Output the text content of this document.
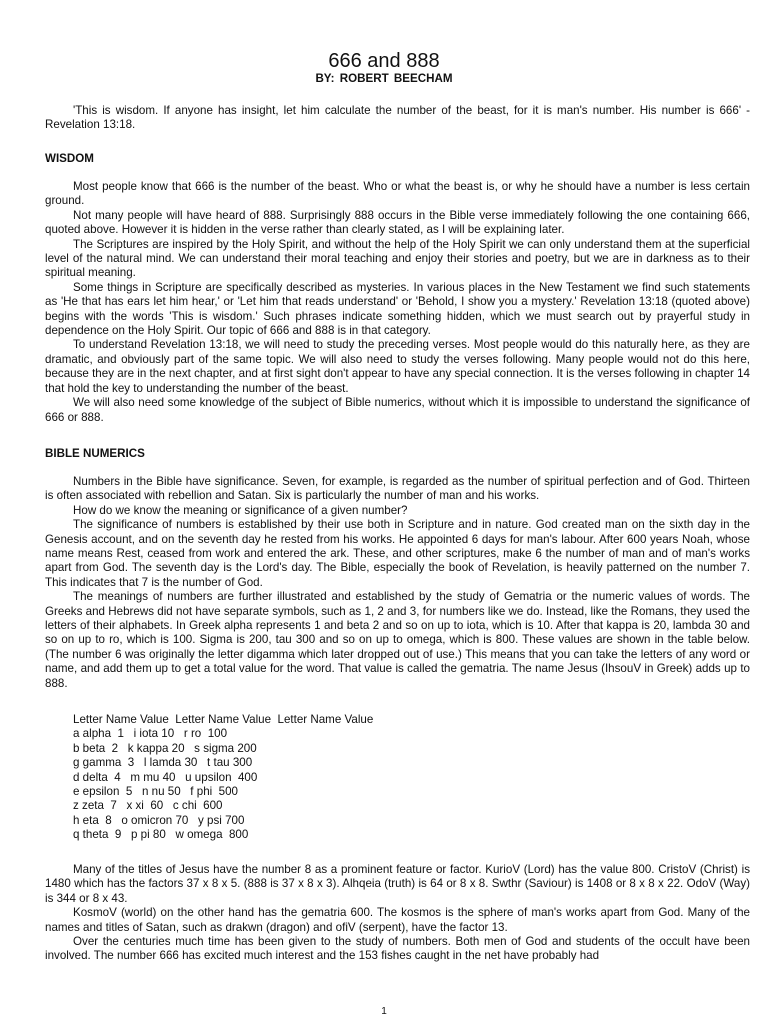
666 and 888
BY: ROBERT BEECHAM

'This is wisdom. If anyone has insight, let him calculate the number of the beast, for it is man's number. His number is 666' - Revelation 13:18.

WISDOM

Most people know that 666 is the number of the beast. Who or what the beast is, or why he should have a number is less certain ground.

Not many people will have heard of 888. Surprisingly 888 occurs in the Bible verse immediately following the one containing 666, quoted above. However it is hidden in the verse rather than clearly stated, as I will be explaining later.

The Scriptures are inspired by the Holy Spirit, and without the help of the Holy Spirit we can only understand them at the superficial level of the natural mind. We can understand their moral teaching and enjoy their stories and poetry, but we are in darkness as to their spiritual meaning.

Some things in Scripture are specifically described as mysteries. In various places in the New Testament we find such statements as 'He that has ears let him hear,' or 'Let him that reads understand' or 'Behold, I show you a mystery.' Revelation 13:18 (quoted above) begins with the words 'This is wisdom.' Such phrases indicate something hidden, which we must search out by prayerful study in dependence on the Holy Spirit. Our topic of 666 and 888 is in that category.

To understand Revelation 13:18, we will need to study the preceding verses. Most people would do this naturally here, as they are dramatic, and obviously part of the same topic. We will also need to study the verses following. Many people would not do this here, because they are in the next chapter, and at first sight don't appear to have any special connection. It is the verses following in chapter 14 that hold the key to understanding the number of the beast.

We will also need some knowledge of the subject of Bible numerics, without which it is impossible to understand the significance of 666 or 888.

BIBLE NUMERICS

Numbers in the Bible have significance. Seven, for example, is regarded as the number of spiritual perfection and of God. Thirteen is often associated with rebellion and Satan. Six is particularly the number of man and his works.

How do we know the meaning or significance of a given number?

The significance of numbers is established by their use both in Scripture and in nature. God created man on the sixth day in the Genesis account, and on the seventh day he rested from his works. He appointed 6 days for man's labour. After 600 years Noah, whose name means Rest, ceased from work and entered the ark. These, and other scriptures, make 6 the number of man and of man's works apart from God. The seventh day is the Lord's day. The Bible, especially the book of Revelation, is heavily patterned on the number 7. This indicates that 7 is the number of God.

The meanings of numbers are further illustrated and established by the study of Gematria or the numeric values of words. The Greeks and Hebrews did not have separate symbols, such as 1, 2 and 3, for numbers like we do. Instead, like the Romans, they used the letters of their alphabets. In Greek alpha represents 1 and beta 2 and so on up to iota, which is 10. After that kappa is 20, lambda 30 and so on up to ro, which is 100. Sigma is 200, tau 300 and so on up to omega, which is 800. These values are shown in the table below. (The number 6 was originally the letter digamma which later dropped out of use.) This means that you can take the letters of any word or name, and add them up to get a total value for the word. That value is called the gematria. The name Jesus (IhsouV in Greek) adds up to 888.

Letter Name Value  Letter Name Value  Letter Name Value
a alpha  1   i iota 10   r ro  100
b beta  2   k kappa 20   s sigma 200
g gamma  3   l lamda 30   t tau 300
d delta  4   m mu 40   u upsilon  400
e epsilon  5   n nu 50   f phi  500
z zeta  7   x xi  60   c chi  600
h eta  8   o omicron 70   y psi 700
q theta  9   p pi 80   w omega  800

Many of the titles of Jesus have the number 8 as a prominent feature or factor. KurioV (Lord) has the value 800. CristoV (Christ) is 1480 which has the factors 37 x 8 x 5. (888 is 37 x 8 x 3). Alhqeia (truth) is 64 or 8 x 8. Swthr (Saviour) is 1408 or 8 x 8 x 22. OdoV (Way) is 344 or 8 x 43.

KosmoV (world) on the other hand has the gematria 600. The kosmos is the sphere of man's works apart from God. Many of the names and titles of Satan, such as drakwn (dragon) and ofiV (serpent), have the factor 13.

Over the centuries much time has been given to the study of numbers. Both men of God and students of the occult have been involved. The number 666 has excited much interest and the 153 fishes caught in the net have probably had

1
